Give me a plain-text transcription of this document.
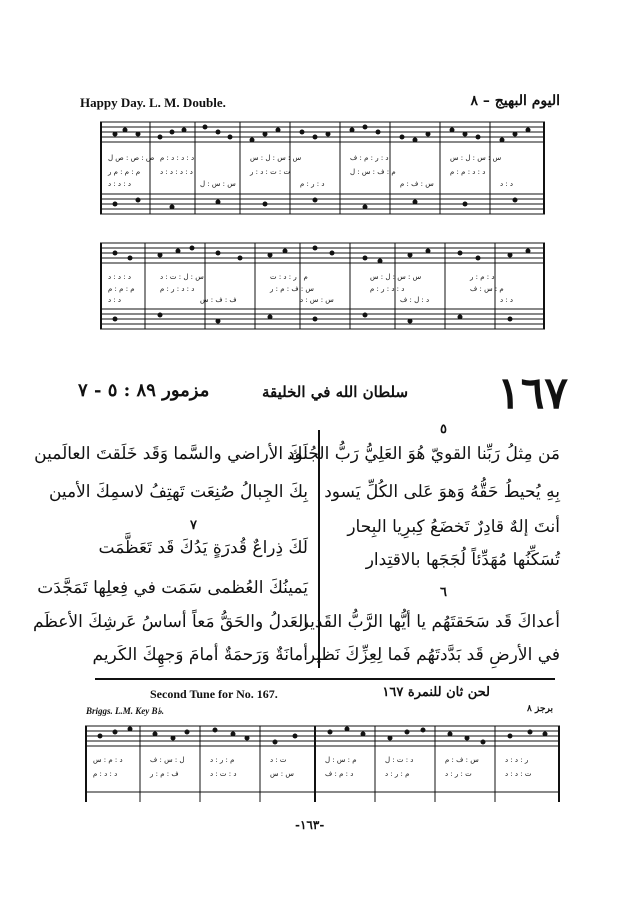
Happy Day. L. M. Double.	اليوم البهيج – ٨
ص : ص : ص ل د : د : د : م	س : س : ل : س	د : ر : م : ف	س : س : ل : س
م : م : م ر	د : د : د : د	ت : ت : د : ر	م : ف : س : ل	د : د : م : م
د : د : د	س : س : ل	د : ر : م	س : ف : م	د : د
د : د : د	س : ل : ت : د	م : ر : د : ت	س : س : ل : س	د : م : ر
م : م : م	د : د : ر : م	س : ف : م : ر	د : د : ر : م	م : س : ف
د : د	ف : ف : س	س : س : د	د : ل : ف	د : د
مزمور ٨٩ : ٥ - ٧	سلطان الله في الخليقة ١٦٧
٥
مَن مِثلُ رَبِّنا القويّ هُوَ العَلِيُّ رَبُّ الجُنود
بِهِ يُحيطُ حَقُّهُ وَهوَ عَلى الكُلِّ يَسود
أنتَ إلهٌ قادِرٌ تَخضَعُ كِبرِيا البِحار
تُسَكِّنُها مُهَدِّئاً لُجَجَها بالاقتِدار
لَكَ الأراضي والسَّما وَقَد خَلَقتَ العالَمين
بِكَ الجِبالُ صُنِعَت تَهتِفُ لاسمِكَ الأمين
٧
لَكَ ذِراعٌ قُدرَةٍ يَدُكَ قَد تَعَظَّمَت
يَمينُكَ العُظمى سَمَت في فِعلِها تَمَجَّدَت
العَدلُ والحَقُّ مَعاً أساسُ عَرشِكَ الأعظَم
أمانَةٌ وَرَحمَةٌ أمامَ وَجهِكَ الكَريم
٦
أعداكَ قَد سَحَقتَهُم يا أيُّها الرَّبُّ القَدير
في الأرضِ قَد بَدَّدتَهُم فَما لِعِزِّكَ نَظير
Second Tune for No. 167.	لحن ثان للنمرة ١٦٧
Briggs. L.M. Key B♭.	برجز ٨
د : م : س	ل : س : ف	م : ر : د	ت : د	م : س : ل	د : ت : ل	س : ف : م	ر : د : د
د : د : م	ف : م : ر	د : ت : د	س : س	د : م : ف	م : ر : د	ت : ر : د	ت : د : د
-١٦٣-
